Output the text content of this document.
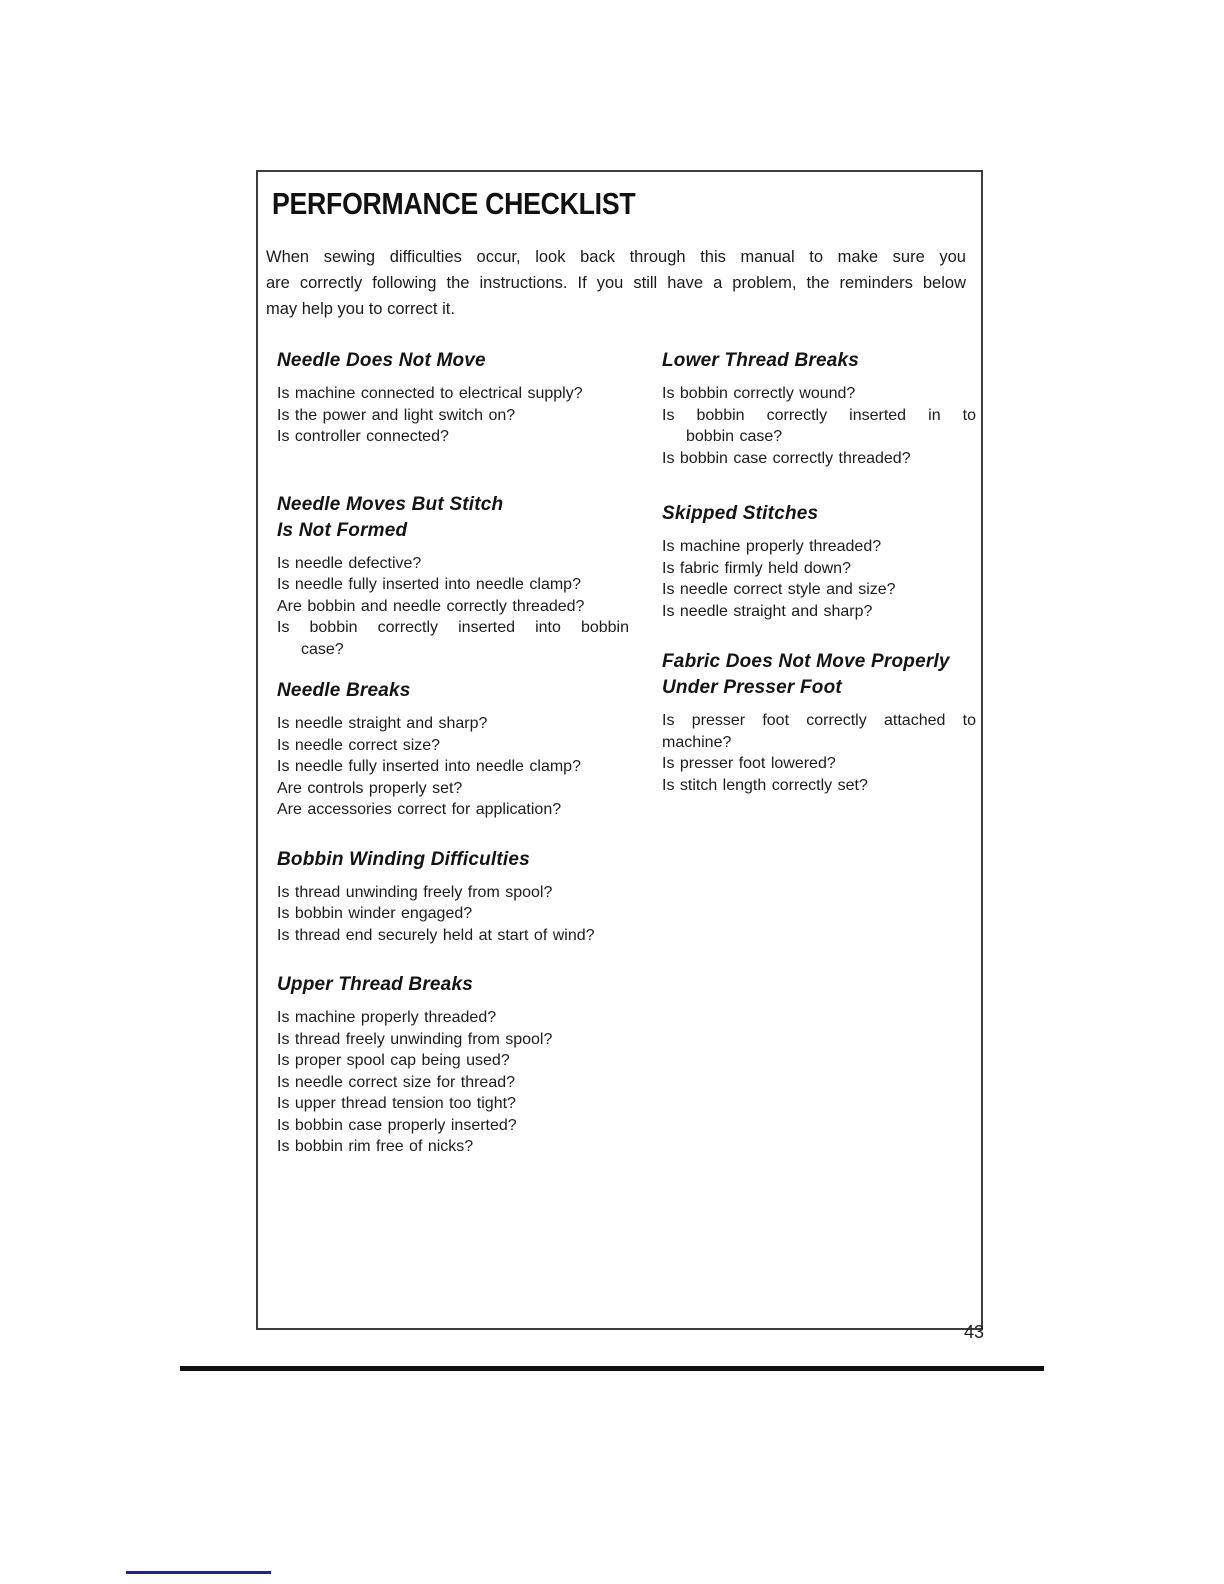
PERFORMANCE CHECKLIST
When sewing difficulties occur, look back through this manual to make sure you
are correctly following the instructions. If you still have a problem, the reminders below
may help you to correct it.
Needle Does Not Move
Is machine connected to electrical supply?
Is the power and light switch on?
Is controller connected?
Needle Moves But Stitch
Is Not Formed
Is needle defective?
Is needle fully inserted into needle clamp?
Are bobbin and needle correctly threaded?
Is bobbin correctly inserted into bobbin
case?
Needle Breaks
Is needle straight and sharp?
Is needle correct size?
Is needle fully inserted into needle clamp?
Are controls properly set?
Are accessories correct for application?
Bobbin Winding Difficulties
Is thread unwinding freely from spool?
Is bobbin winder engaged?
Is thread end securely held at start of wind?
Upper Thread Breaks
Is machine properly threaded?
Is thread freely unwinding from spool?
Is proper spool cap being used?
Is needle correct size for thread?
Is upper thread tension too tight?
Is bobbin case properly inserted?
Is bobbin rim free of nicks?
Lower Thread Breaks
Is bobbin correctly wound?
Is bobbin correctly inserted in to
bobbin case?
Is bobbin case correctly threaded?
Skipped Stitches
Is machine properly threaded?
Is fabric firmly held down?
Is needle correct style and size?
Is needle straight and sharp?
Fabric Does Not Move Properly
Under Presser Foot
Is presser foot correctly attached to
machine?
Is presser foot lowered?
Is stitch length correctly set?
43
